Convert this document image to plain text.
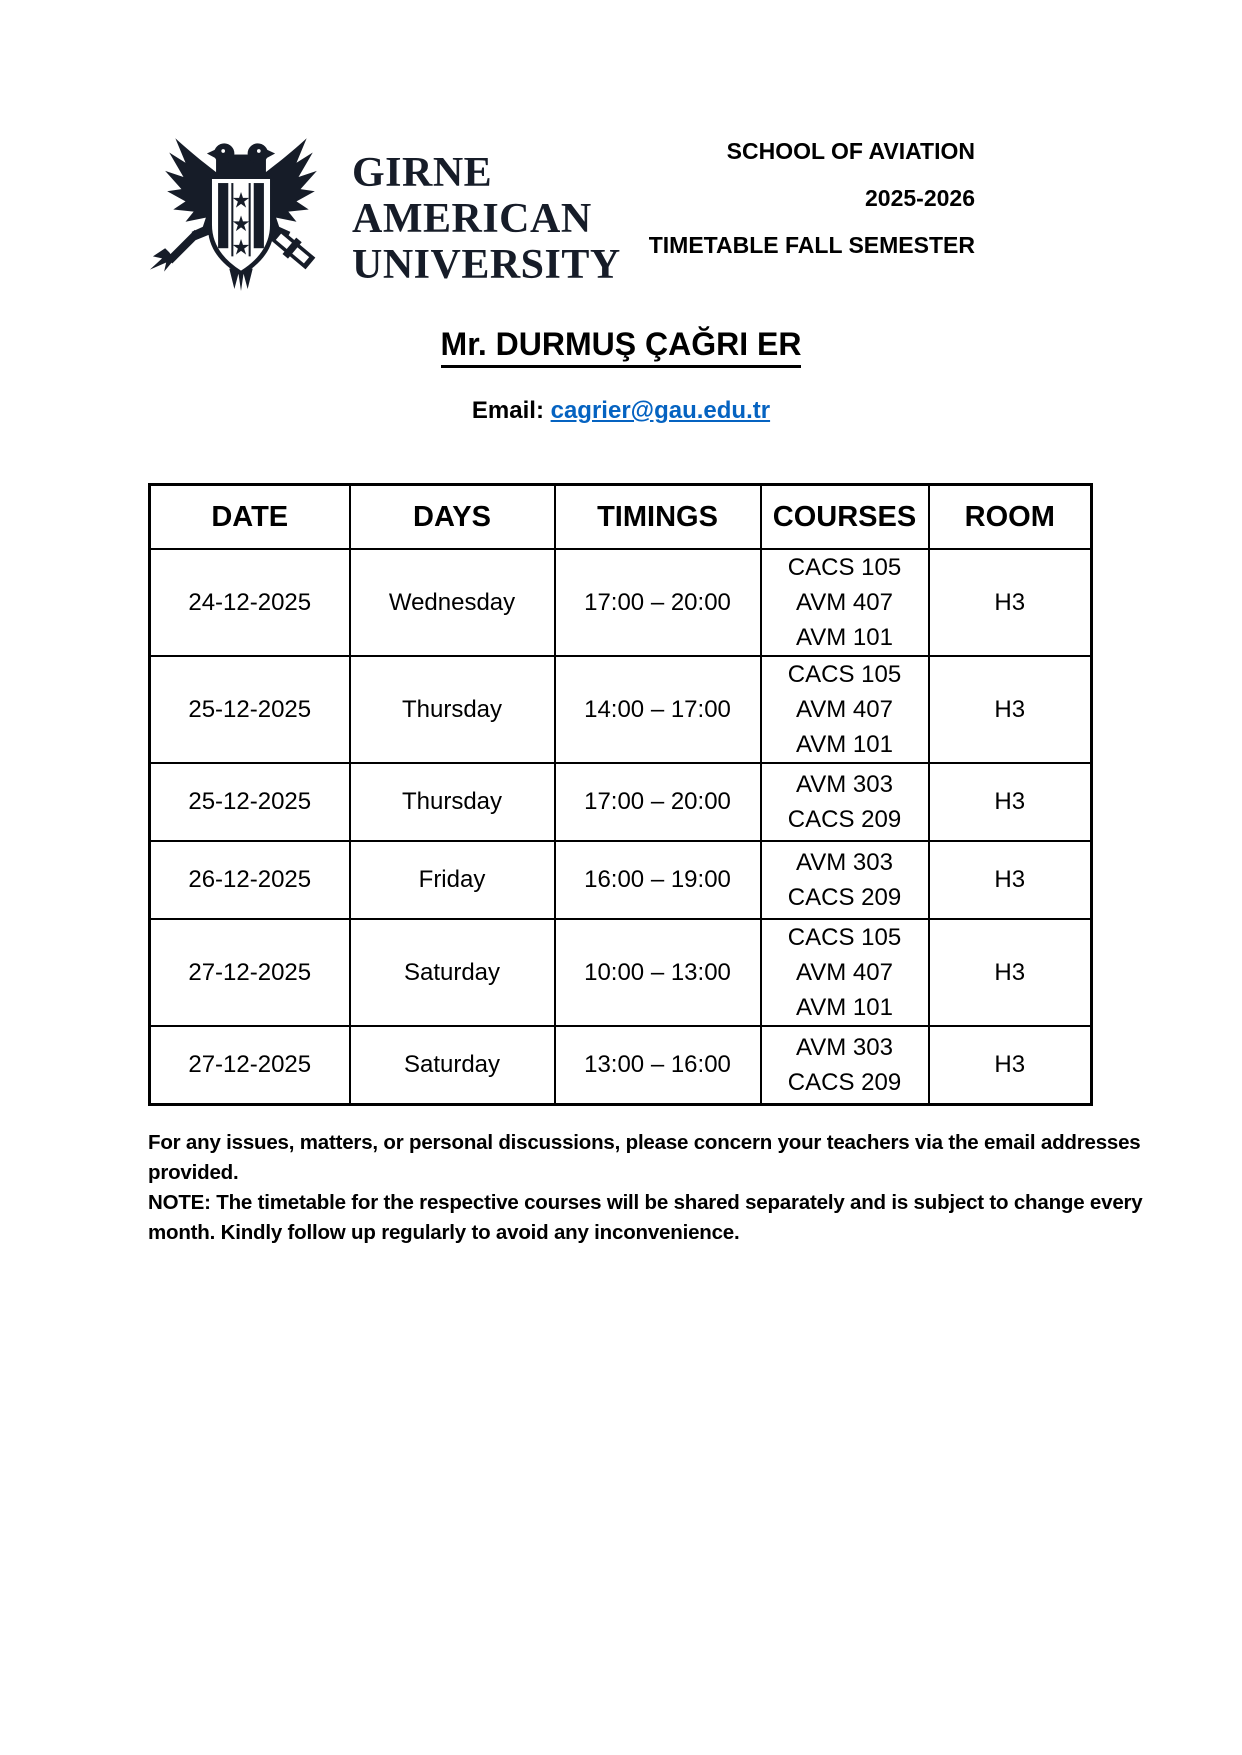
★
★
★
GIRNE
AMERICAN
UNIVERSITY
SCHOOL OF AVIATION
2025-2026
TIMETABLE FALL SEMESTER
Mr. DURMUŞ ÇAĞRI ER
Email: cagrier@gau.edu.tr
DATE	DAYS	TIMINGS	COURSES	ROOM
24-12-2025	Wednesday	17:00 – 20:00	CACS 105
AVM 407
AVM 101	H3
25-12-2025	Thursday	14:00 – 17:00	CACS 105
AVM 407
AVM 101	H3
25-12-2025	Thursday	17:00 – 20:00	AVM 303
CACS 209	H3
26-12-2025	Friday	16:00 – 19:00	AVM 303
CACS 209	H3
27-12-2025	Saturday	10:00 – 13:00	CACS 105
AVM 407
AVM 101	H3
27-12-2025	Saturday	13:00 – 16:00	AVM 303
CACS 209	H3

For any issues, matters, or personal discussions, please concern your teachers via the email addresses provided.

NOTE: The timetable for the respective courses will be shared separately and is subject to change every month. Kindly follow up regularly to avoid any inconvenience.
